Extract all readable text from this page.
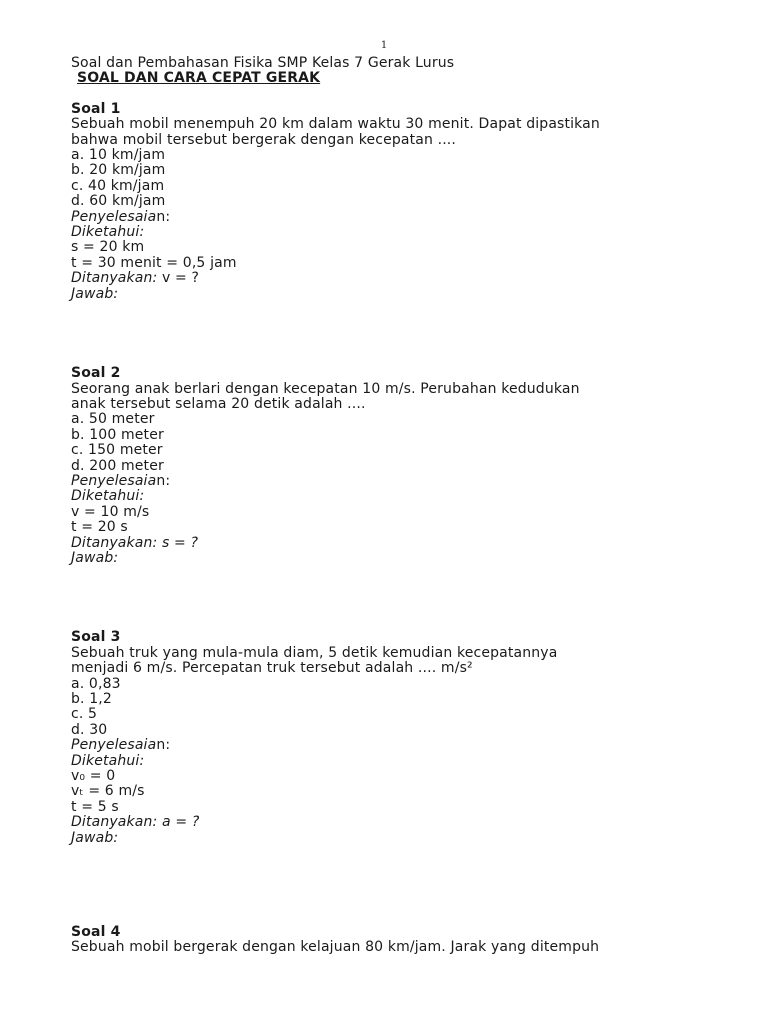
1
Soal dan Pembahasan Fisika SMP Kelas 7 Gerak Lurus
SOAL DAN CARA CEPAT GERAK
Soal 1
Sebuah mobil menempuh 20 km dalam waktu 30 menit. Dapat dipastikan
bahwa mobil tersebut bergerak dengan kecepatan ....
a. 10 km/jam
b. 20 km/jam
c. 40 km/jam
d. 60 km/jam
Penyelesaian:
Diketahui:
s = 20 km
t = 30 menit = 0,5 jam
Ditanyakan: v = ?
Jawab:
Soal 2
Seorang anak berlari dengan kecepatan 10 m/s. Perubahan kedudukan
anak tersebut selama 20 detik adalah ....
a. 50 meter
b. 100 meter
c. 150 meter
d. 200 meter
Penyelesaian:
Diketahui:
v = 10 m/s
t = 20 s
Ditanyakan: s = ?
Jawab:
Soal 3
Sebuah truk yang mula-mula diam, 5 detik kemudian kecepatannya
menjadi 6 m/s. Percepatan truk tersebut adalah .... m/s²
a. 0,83
b. 1,2
c. 5
d. 30
Penyelesaian:
Diketahui:
v₀ = 0
vₜ = 6 m/s
t = 5 s
Ditanyakan: a = ?
Jawab:
Soal 4
Sebuah mobil bergerak dengan kelajuan 80 km/jam. Jarak yang ditempuh
